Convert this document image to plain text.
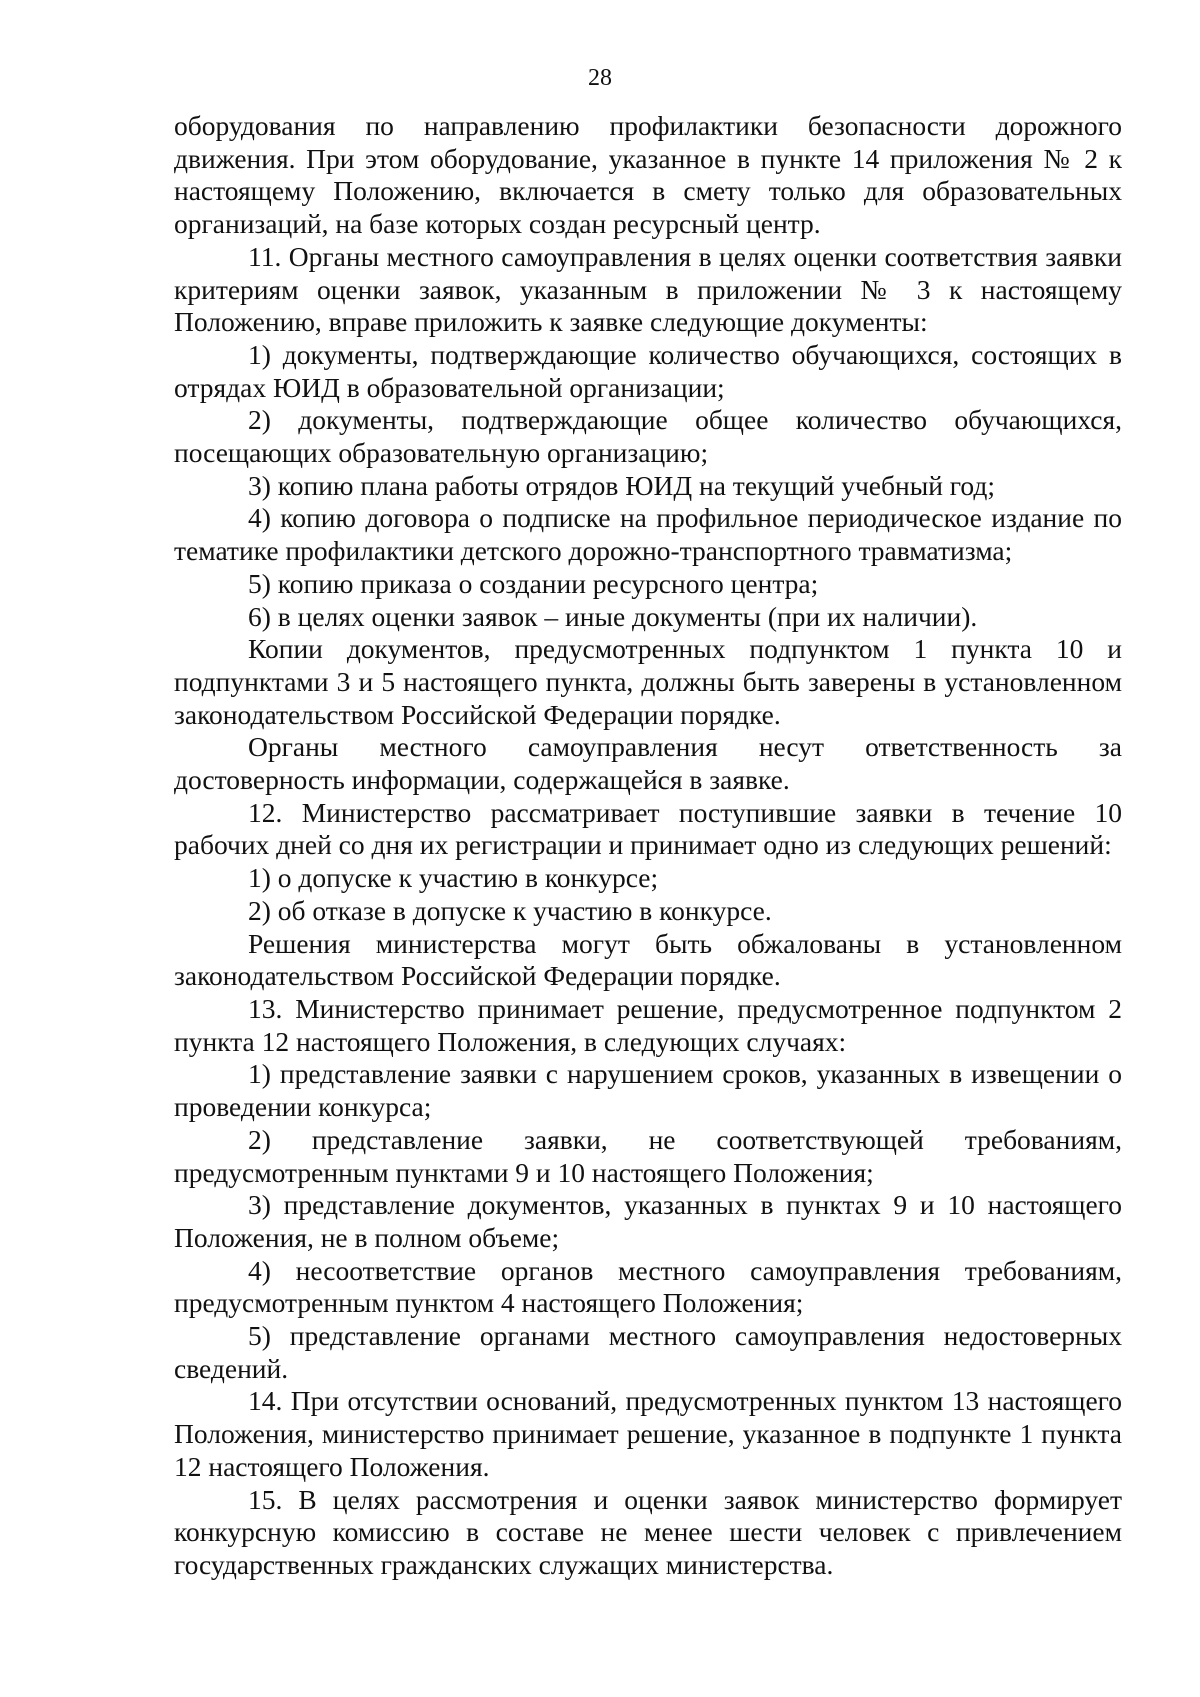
28

оборудования по направлению профилактики безопасности дорожного движения. При этом оборудование, указанное в пункте 14 приложения № 2 к настоящему Положению, включается в смету только для образовательных организаций, на базе которых создан ресурсный центр.

11. Органы местного самоуправления в целях оценки соответствия заявки критериям оценки заявок, указанным в приложении № 3 к настоящему Положению, вправе приложить к заявке следующие документы:

1) документы, подтверждающие количество обучающихся, состоящих в отрядах ЮИД в образовательной организации;

2) документы, подтверждающие общее количество обучающихся, посещающих образовательную организацию;

3) копию плана работы отрядов ЮИД на текущий учебный год;

4) копию договора о подписке на профильное периодическое издание по тематике профилактики детского дорожно-транспортного травматизма;

5) копию приказа о создании ресурсного центра;

6) в целях оценки заявок – иные документы (при их наличии).

Копии документов, предусмотренных подпунктом 1 пункта 10 и подпунктами 3 и 5 настоящего пункта, должны быть заверены в установленном законодательством Российской Федерации порядке.

Органы местного самоуправления несут ответственность за достоверность информации, содержащейся в заявке.

12. Министерство рассматривает поступившие заявки в течение 10 рабочих дней со дня их регистрации и принимает одно из следующих решений:

1) о допуске к участию в конкурсе;

2) об отказе в допуске к участию в конкурсе.

Решения министерства могут быть обжалованы в установленном законодательством Российской Федерации порядке.

13. Министерство принимает решение, предусмотренное подпунктом 2 пункта 12 настоящего Положения, в следующих случаях:

1) представление заявки с нарушением сроков, указанных в извещении о проведении конкурса;

2) представление заявки, не соответствующей требованиям, предусмотренным пунктами 9 и 10 настоящего Положения;

3) представление документов, указанных в пунктах 9 и 10 настоящего Положения, не в полном объеме;

4) несоответствие органов местного самоуправления требованиям, предусмотренным пунктом 4 настоящего Положения;

5) представление органами местного самоуправления недостоверных сведений.

14. При отсутствии оснований, предусмотренных пунктом 13 настоящего Положения, министерство принимает решение, указанное в подпункте 1 пункта 12 настоящего Положения.

15. В целях рассмотрения и оценки заявок министерство формирует конкурсную комиссию в составе не менее шести человек с привлечением государственных гражданских служащих министерства.
